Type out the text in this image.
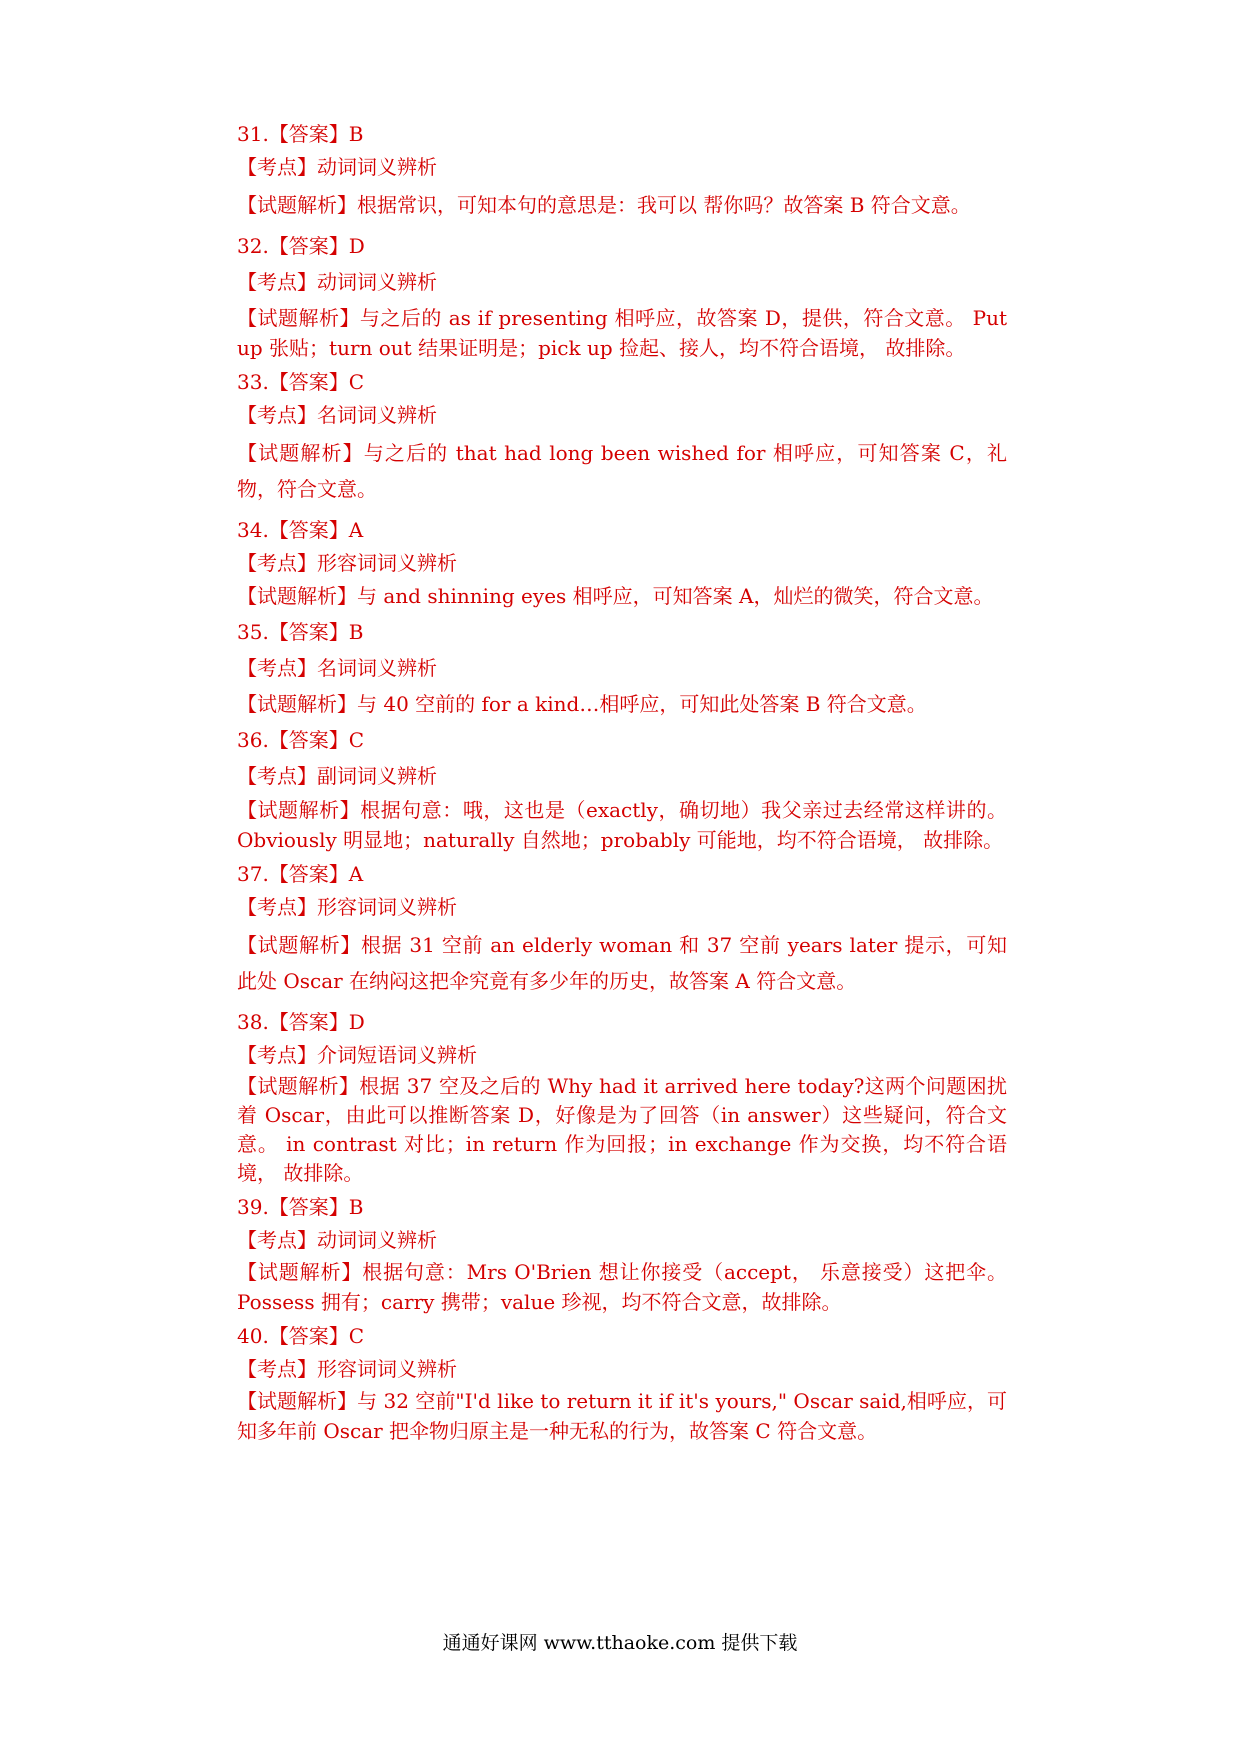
31.【答案】B
【考点】动词词义辨析
【试题解析】根据常识，可知本句的意思是：我可以 帮你吗？故答案 B 符合文意。
32.【答案】D
【考点】动词词义辨析
【试题解析】与之后的 as if presenting 相呼应，故答案 D，提供，符合文意。 Put up 张贴；turn out 结果证明是；pick up 捡起、接人，均不符合语境， 故排除。
33.【答案】C
【考点】名词词义辨析
【试题解析】与之后的 that had long been wished for 相呼应，可知答案 C，礼物，符合文意。
34.【答案】A
【考点】形容词词义辨析
【试题解析】与 and shinning eyes 相呼应，可知答案 A，灿烂的微笑，符合文意。
35.【答案】B
【考点】名词词义辨析
【试题解析】与 40 空前的 for a kind…相呼应，可知此处答案 B 符合文意。
36.【答案】C
【考点】副词词义辨析
【试题解析】根据句意：哦，这也是（exactly，确切地）我父亲过去经常这样讲的。 Obviously 明显地；naturally 自然地；probably 可能地，均不符合语境， 故排除。
37.【答案】A
【考点】形容词词义辨析
【试题解析】根据 31 空前 an elderly woman 和 37 空前 years later 提示，可知此处 Oscar 在纳闷这把伞究竟有多少年的历史，故答案 A 符合文意。
38.【答案】D
【考点】介词短语词义辨析
【试题解析】根据 37 空及之后的 Why had it arrived here today?这两个问题困扰着 Oscar，由此可以推断答案 D，好像是为了回答（in answer）这些疑问，符合文意。 in contrast 对比；in return 作为回报；in exchange 作为交换，均不符合语境， 故排除。
39.【答案】B
【考点】动词词义辨析
【试题解析】根据句意：Mrs O'Brien 想让你接受（accept， 乐意接受）这把伞。 Possess 拥有；carry 携带；value 珍视，均不符合文意，故排除。
40.【答案】C
【考点】形容词词义辨析
【试题解析】与 32 空前"I'd like to return it if it's yours," Oscar said,相呼应，可知多年前 Oscar 把伞物归原主是一种无私的行为，故答案 C 符合文意。
通通好课网 www.tthaoke.com 提供下载
